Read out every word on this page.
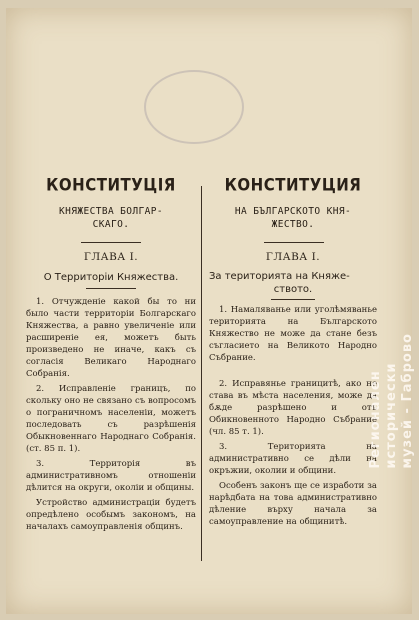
КОНСТИТУЦІЯ
КНЯЖЕСТВА БОЛГАР-
СКАГО.
ГЛАВА I.
О Территоріи Княжества.

1. Отчужденіе какой бы то ни было части территоріи Болгарскаго Княжества, а равно увеличеніе или расширеніе ея, можетъ быть произведено не иначе, какъ съ согласія Великаго Народнаго Собранія.

2. Исправленіе границъ, по скольку оно не связано съ вопросомъ о пограничномъ населеніи, можетъ последовать съ разрѣшенія Обыкновеннаго Народнаго Собранія. (ст. 85 п. 1).

3. Территорія въ административномъ отношеніи дѣлится на округи, околіи и общины.

Устройство администраціи будетъ опредѣлено особымъ закономъ, на началахъ самоуправленія общинъ.

КОНСТИТУЦИЯ
НА БЪЛГАРСКОТО КНЯ-
ЖЕСТВО.
ГЛАВА I.
За територията на Княже-
ството.

1. Намаляванье или уголѣмяванье територията на Българското Княжество не може да стане безъ съгласието на Великото Народно Събрание.

2. Исправянье границитѣ, ако не става въ мѣста населения, може да бѫде разрѣшено и отъ Обикновенното Народно Събрание (чл. 85 т. 1).

3. Територията на административно се дѣли на окръжии, околии и общини.

Особенъ законъ ще се изработи за нарѣдбата на това административно дѣление върху начала за самоуправление на общинитѣ.

Регионален
исторически
музей - Габрово
